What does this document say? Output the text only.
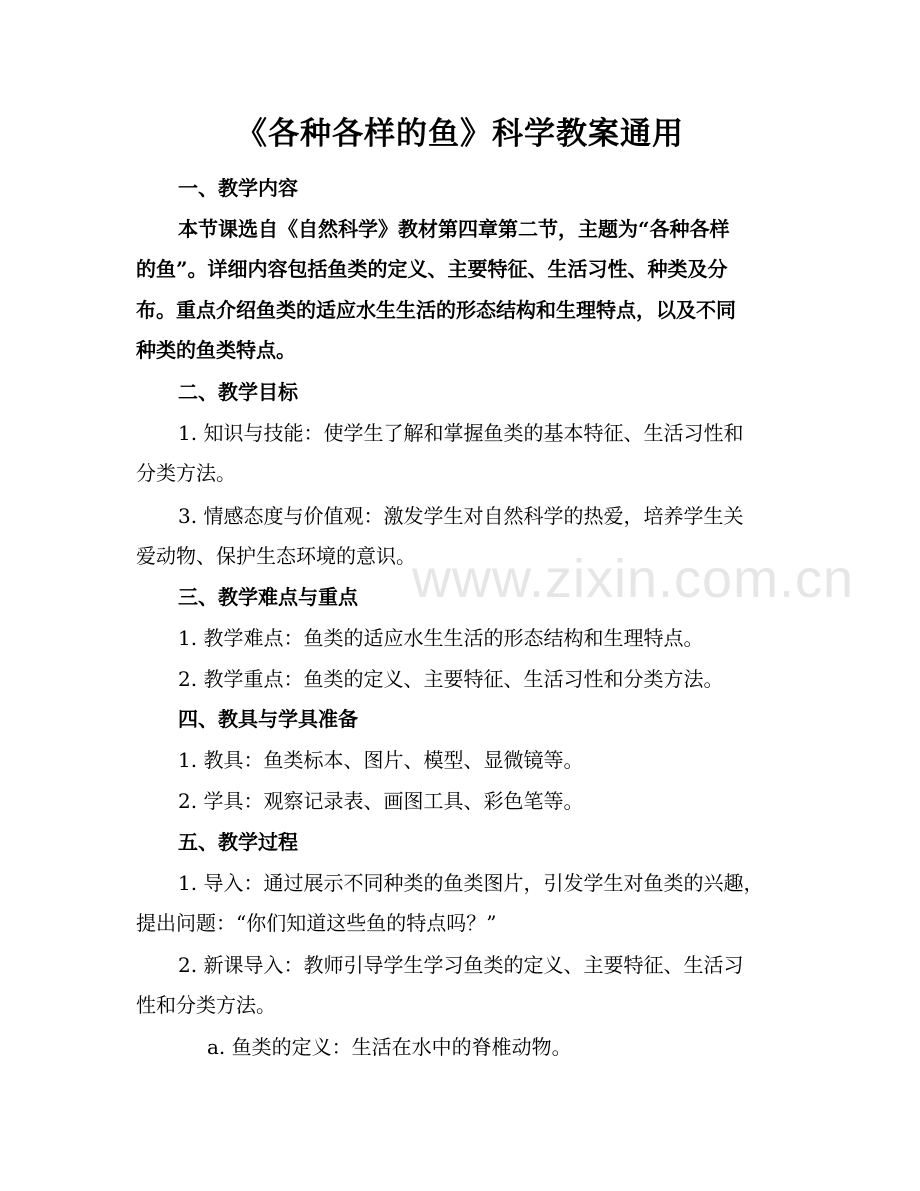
www.zixin.com.cn
《各种各样的鱼》科学教案通用
一、教学内容
本节课选自《自然科学》教材第四章第二节，主题为“各种各样
的鱼”。详细内容包括鱼类的定义、主要特征、生活习性、种类及分
布。重点介绍鱼类的适应水生生活的形态结构和生理特点，以及不同
种类的鱼类特点。
二、教学目标
1. 知识与技能：使学生了解和掌握鱼类的基本特征、生活习性和
分类方法。
3. 情感态度与价值观：激发学生对自然科学的热爱，培养学生关
爱动物、保护生态环境的意识。
三、教学难点与重点
1. 教学难点：鱼类的适应水生生活的形态结构和生理特点。
2. 教学重点：鱼类的定义、主要特征、生活习性和分类方法。
四、教具与学具准备
1. 教具：鱼类标本、图片、模型、显微镜等。
2. 学具：观察记录表、画图工具、彩色笔等。
五、教学过程
1. 导入：通过展示不同种类的鱼类图片，引发学生对鱼类的兴趣，
提出问题：“你们知道这些鱼的特点吗？”
2. 新课导入：教师引导学生学习鱼类的定义、主要特征、生活习
性和分类方法。
a. 鱼类的定义：生活在水中的脊椎动物。
